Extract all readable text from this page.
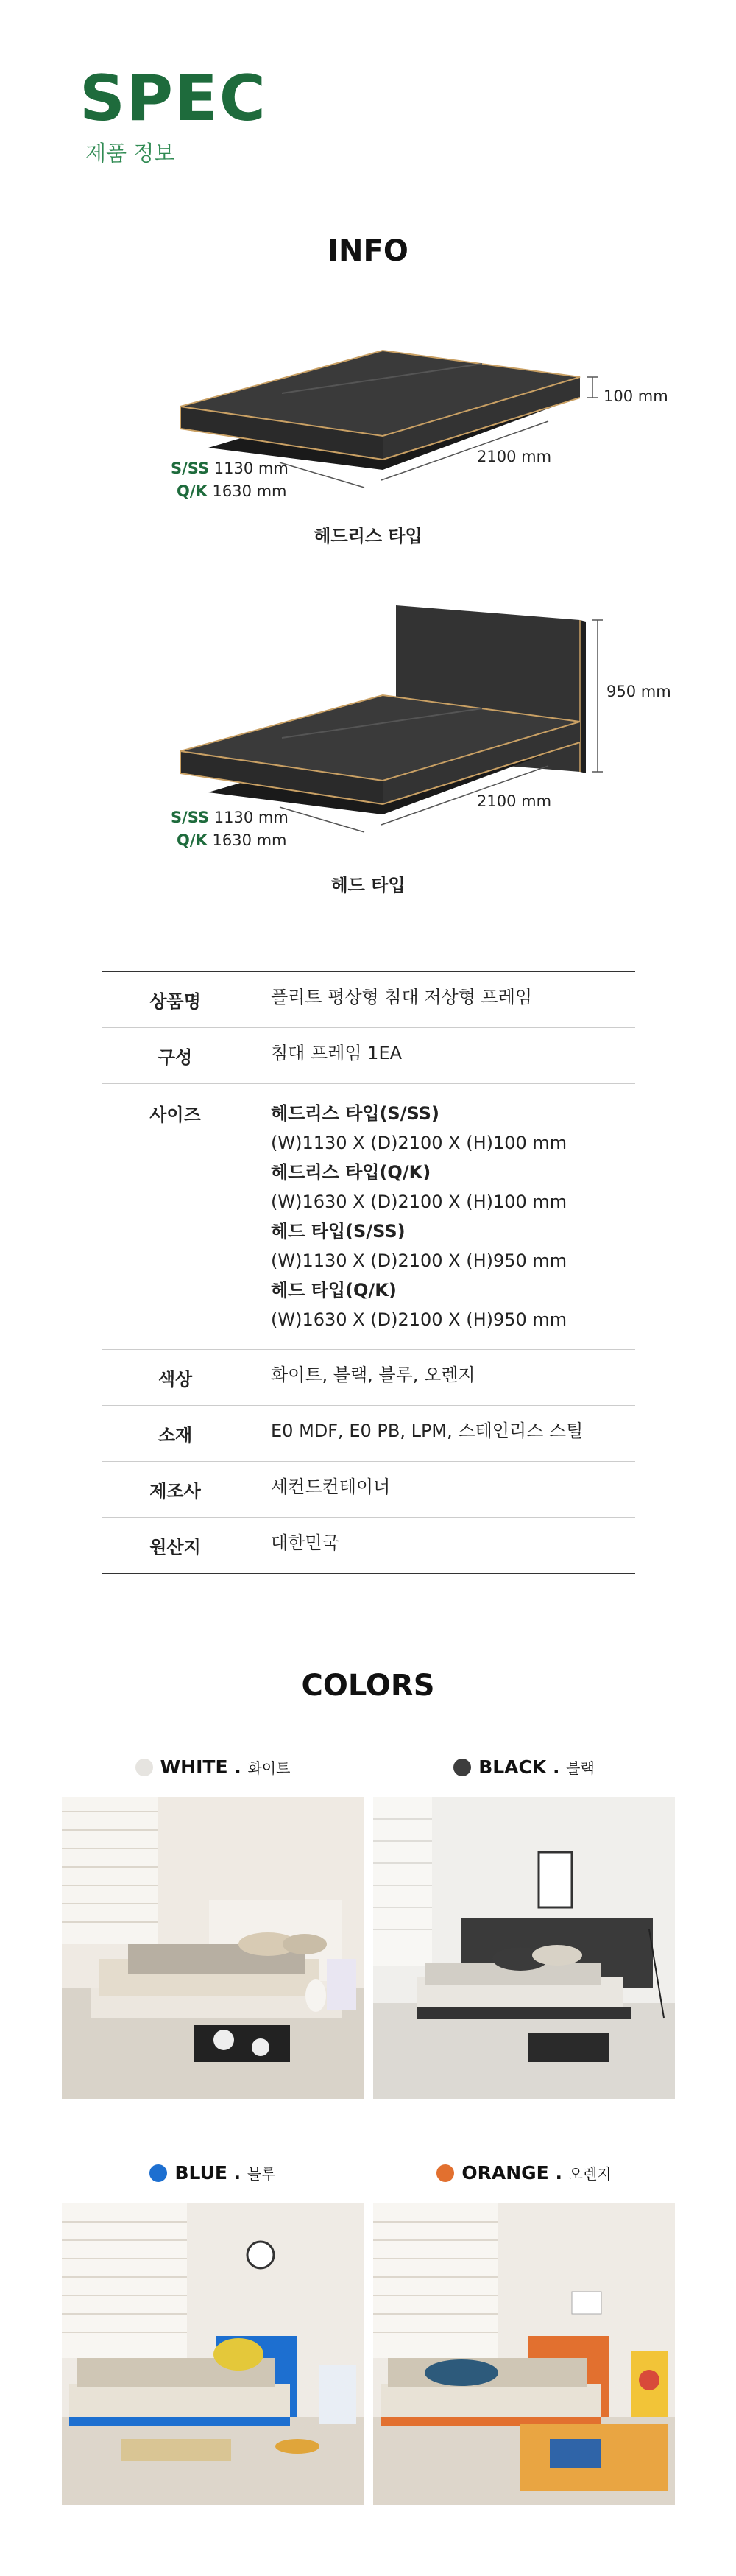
SPEC
제품 정보
INFO
100 mm
2100 mm
S/SS 1130 mm
Q/K 1630 mm
헤드리스 타입
950 mm
2100 mm
S/SS 1130 mm
Q/K 1630 mm
헤드 타입
상품명	플리트 평상형 침대 저상형 프레임
구성	침대 프레임 1EA
사이즈	헤드리스 타입(S/SS)
(W)1130 X (D)2100 X (H)100 mm
헤드리스 타입(Q/K)
(W)1630 X (D)2100 X (H)100 mm
헤드 타입(S/SS)
(W)1130 X (D)2100 X (H)950 mm
헤드 타입(Q/K)
(W)1630 X (D)2100 X (H)950 mm
색상	화이트, 블랙, 블루, 오렌지
소재	E0 MDF, E0 PB, LPM, 스테인리스 스틸
제조사	세컨드컨테이너
원산지	대한민국
COLORS
WHITE . 화이트	BLACK . 블랙
BLUE . 블루	ORANGE . 오렌지
